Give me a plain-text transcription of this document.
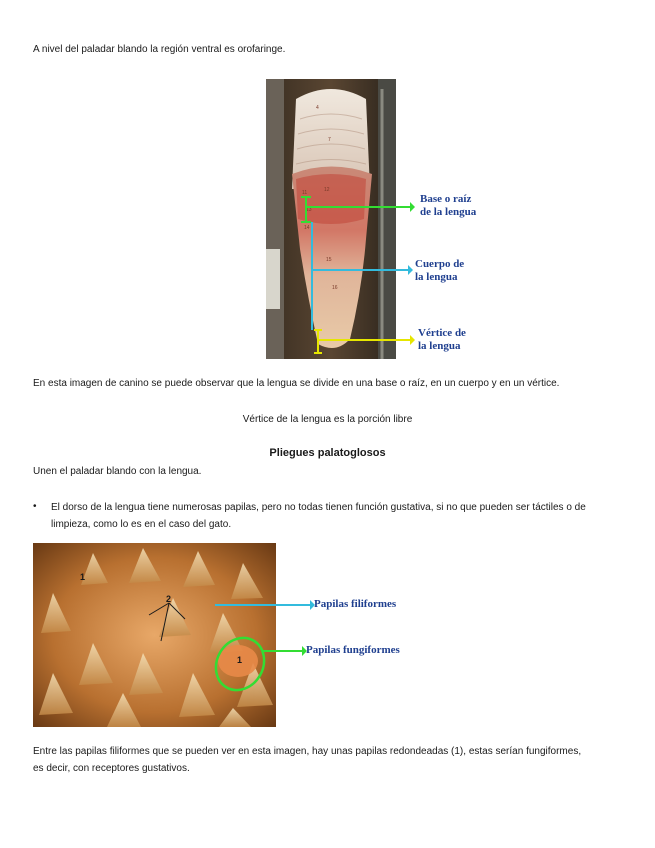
A nivel del paladar blando la región ventral es orofaringe.

4
7
11	12
13
14
15
16
Base o raíz
de la lengua
Cuerpo de
la lengua
Vértice de
la lengua

En esta imagen de canino se puede observar que la lengua se divide en una base o raíz, en un cuerpo y en un vértice.

Vértice de la lengua es la porción libre

Pliegues palatoglosos

Unen el paladar blando con la lengua.

• El dorso de la lengua tiene numerosas papilas, pero no todas tienen función gustativa, si no que pueden ser táctiles o de

limpieza, como lo es en el caso del gato.

1
2
1
Papilas filiformes
Papilas fungiformes

Entre las papilas filiformes que se pueden ver en esta imagen, hay unas papilas redondeadas (1), estas serían fungiformes,

es decir, con receptores gustativos.
